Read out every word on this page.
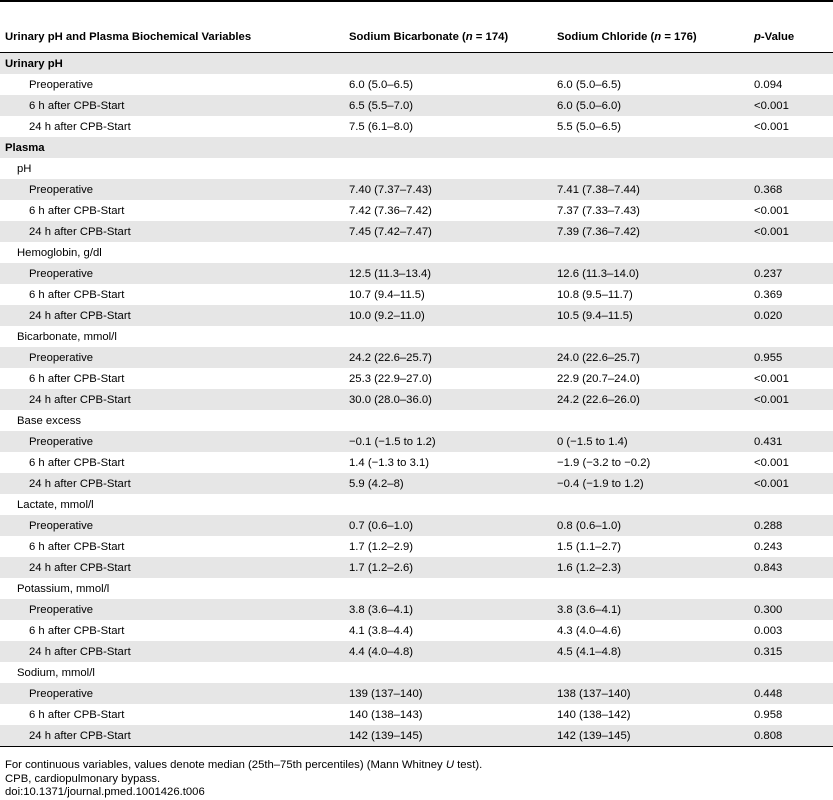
Urinary pH and Plasma Biochemical Variables	Sodium Bicarbonate (n = 174)	Sodium Chloride (n = 176)	p-Value
Urinary pH			
Preoperative	6.0 (5.0–6.5)	6.0 (5.0–6.5)	0.094
6 h after CPB-Start	6.5 (5.5–7.0)	6.0 (5.0–6.0)	<0.001
24 h after CPB-Start	7.5 (6.1–8.0)	5.5 (5.0–6.5)	<0.001
Plasma			
pH			
Preoperative	7.40 (7.37–7.43)	7.41 (7.38–7.44)	0.368
6 h after CPB-Start	7.42 (7.36–7.42)	7.37 (7.33–7.43)	<0.001
24 h after CPB-Start	7.45 (7.42–7.47)	7.39 (7.36–7.42)	<0.001
Hemoglobin, g/dl			
Preoperative	12.5 (11.3–13.4)	12.6 (11.3–14.0)	0.237
6 h after CPB-Start	10.7 (9.4–11.5)	10.8 (9.5–11.7)	0.369
24 h after CPB-Start	10.0 (9.2–11.0)	10.5 (9.4–11.5)	0.020
Bicarbonate, mmol/l			
Preoperative	24.2 (22.6–25.7)	24.0 (22.6–25.7)	0.955
6 h after CPB-Start	25.3 (22.9–27.0)	22.9 (20.7–24.0)	<0.001
24 h after CPB-Start	30.0 (28.0–36.0)	24.2 (22.6–26.0)	<0.001
Base excess			
Preoperative	−0.1 (−1.5 to 1.2)	0 (−1.5 to 1.4)	0.431
6 h after CPB-Start	1.4 (−1.3 to 3.1)	−1.9 (−3.2 to −0.2)	<0.001
24 h after CPB-Start	5.9 (4.2–8)	−0.4 (−1.9 to 1.2)	<0.001
Lactate, mmol/l			
Preoperative	0.7 (0.6–1.0)	0.8 (0.6–1.0)	0.288
6 h after CPB-Start	1.7 (1.2–2.9)	1.5 (1.1–2.7)	0.243
24 h after CPB-Start	1.7 (1.2–2.6)	1.6 (1.2–2.3)	0.843
Potassium, mmol/l			
Preoperative	3.8 (3.6–4.1)	3.8 (3.6–4.1)	0.300
6 h after CPB-Start	4.1 (3.8–4.4)	4.3 (4.0–4.6)	0.003
24 h after CPB-Start	4.4 (4.0–4.8)	4.5 (4.1–4.8)	0.315
Sodium, mmol/l			
Preoperative	139 (137–140)	138 (137–140)	0.448
6 h after CPB-Start	140 (138–143)	140 (138–142)	0.958
24 h after CPB-Start	142 (139–145)	142 (139–145)	0.808
For continuous variables, values denote median (25th–75th percentiles) (Mann Whitney U test).
CPB, cardiopulmonary bypass.
doi:10.1371/journal.pmed.1001426.t006
